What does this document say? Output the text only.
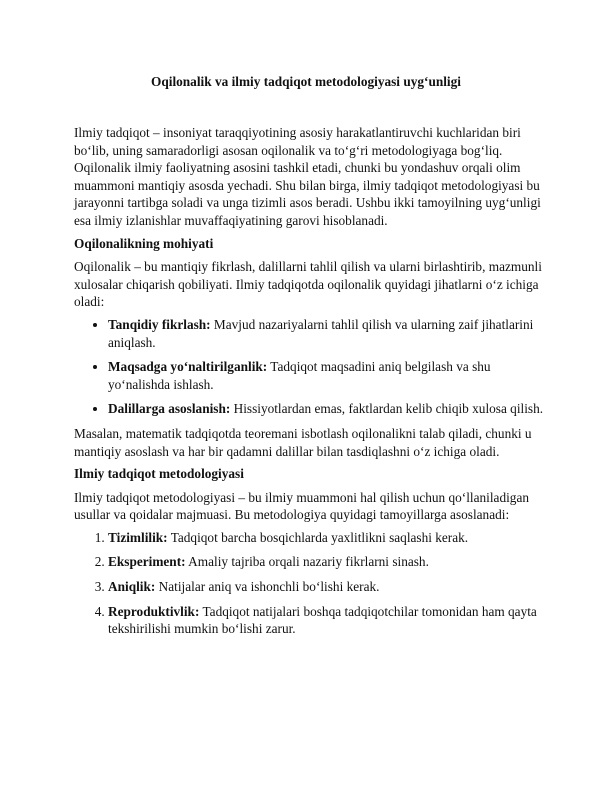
Oqilonalik va ilmiy tadqiqot metodologiyasi uyg‘unligi

Ilmiy tadqiqot – insoniyat taraqqiyotining asosiy harakatlantiruvchi kuchlaridan biri bo‘lib, uning samaradorligi asosan oqilonalik va to‘g‘ri metodologiyaga bog‘liq. Oqilonalik ilmiy faoliyatning asosini tashkil etadi, chunki bu yondashuv orqali olim muammoni mantiqiy asosda yechadi. Shu bilan birga, ilmiy tadqiqot metodologiyasi bu jarayonni tartibga soladi va unga tizimli asos beradi. Ushbu ikki tamoyilning uyg‘unligi esa ilmiy izlanishlar muvaffaqiyatining garovi hisoblanadi.

Oqilonalikning mohiyati

Oqilonalik – bu mantiqiy fikrlash, dalillarni tahlil qilish va ularni birlashtirib, mazmunli xulosalar chiqarish qobiliyati. Ilmiy tadqiqotda oqilonalik quyidagi jihatlarni o‘z ichiga oladi:

• Tanqidiy fikrlash: Mavjud nazariyalarni tahlil qilish va ularning zaif jihatlarini aniqlash.
• Maqsadga yo‘naltirilganlik: Tadqiqot maqsadini aniq belgilash va shu yo‘nalishda ishlash.
• Dalillarga asoslanish: Hissiyotlardan emas, faktlardan kelib chiqib xulosa qilish.

Masalan, matematik tadqiqotda teoremani isbotlash oqilonalikni talab qiladi, chunki u mantiqiy asoslash va har bir qadamni dalillar bilan tasdiqlashni o‘z ichiga oladi.

Ilmiy tadqiqot metodologiyasi

Ilmiy tadqiqot metodologiyasi – bu ilmiy muammoni hal qilish uchun qo‘llaniladigan usullar va qoidalar majmuasi. Bu metodologiya quyidagi tamoyillarga asoslanadi:

1. Tizimlilik: Tadqiqot barcha bosqichlarda yaxlitlikni saqlashi kerak.
2. Eksperiment: Amaliy tajriba orqali nazariy fikrlarni sinash.
3. Aniqlik: Natijalar aniq va ishonchli bo‘lishi kerak.
4. Reproduktivlik: Tadqiqot natijalari boshqa tadqiqotchilar tomonidan ham qayta tekshirilishi mumkin bo‘lishi zarur.
